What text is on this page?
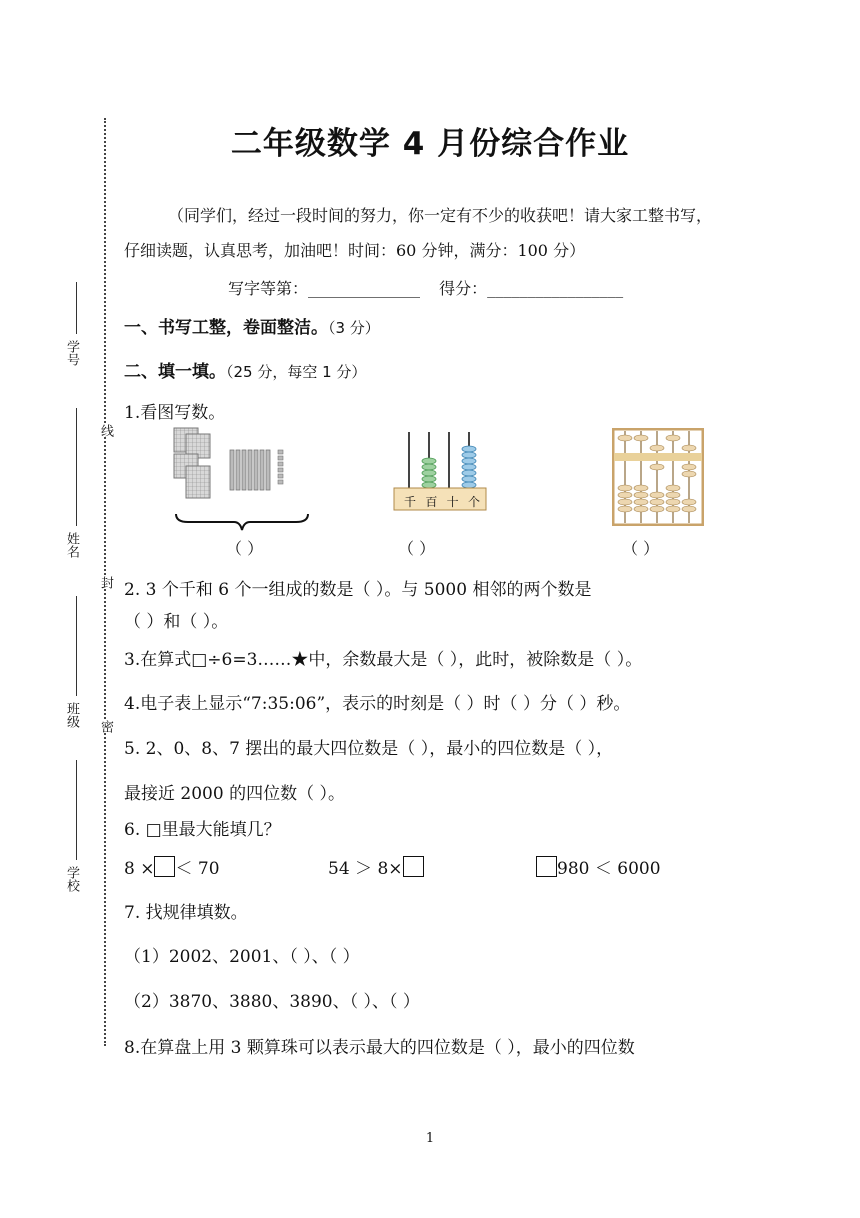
学号
姓名
班级
学校
线
封
密
二年级数学 4 月份综合作业
（同学们，经过一段时间的努力，你一定有不少的收获吧！请大家工整书写，
仔细读题，认真思考，加油吧！时间：60 分钟，满分：100 分）
写字等第：______________ 得分：_________________
一、书写工整，卷面整洁。（3 分）
二、填一填。（25 分，每空 1 分）
1.看图写数。
千 百 十 个
（ ）	（ ）	（ ）
2. 3 个千和 6 个一组成的数是（ ）。与 5000 相邻的两个数是
（ ）和（ ）。
3.在算式□÷6=3……★中，余数最大是（ ），此时，被除数是（ ）。
4.电子表上显示“7:35:06”，表示的时刻是（ ）时（ ）分（ ）秒。
5. 2、0、8、7 摆出的最大四位数是（ ），最小的四位数是（ ），
最接近 2000 的四位数（ ）。
6. □里最大能填几？
8 × ＜ 70	54 ＞ 8×	980 ＜ 6000
7. 找规律填数。
（1）2002、2001、（ ）、（ ）
（2）3870、3880、3890、（ ）、（ ）
8.在算盘上用 3 颗算珠可以表示最大的四位数是（ ），最小的四位数
1
